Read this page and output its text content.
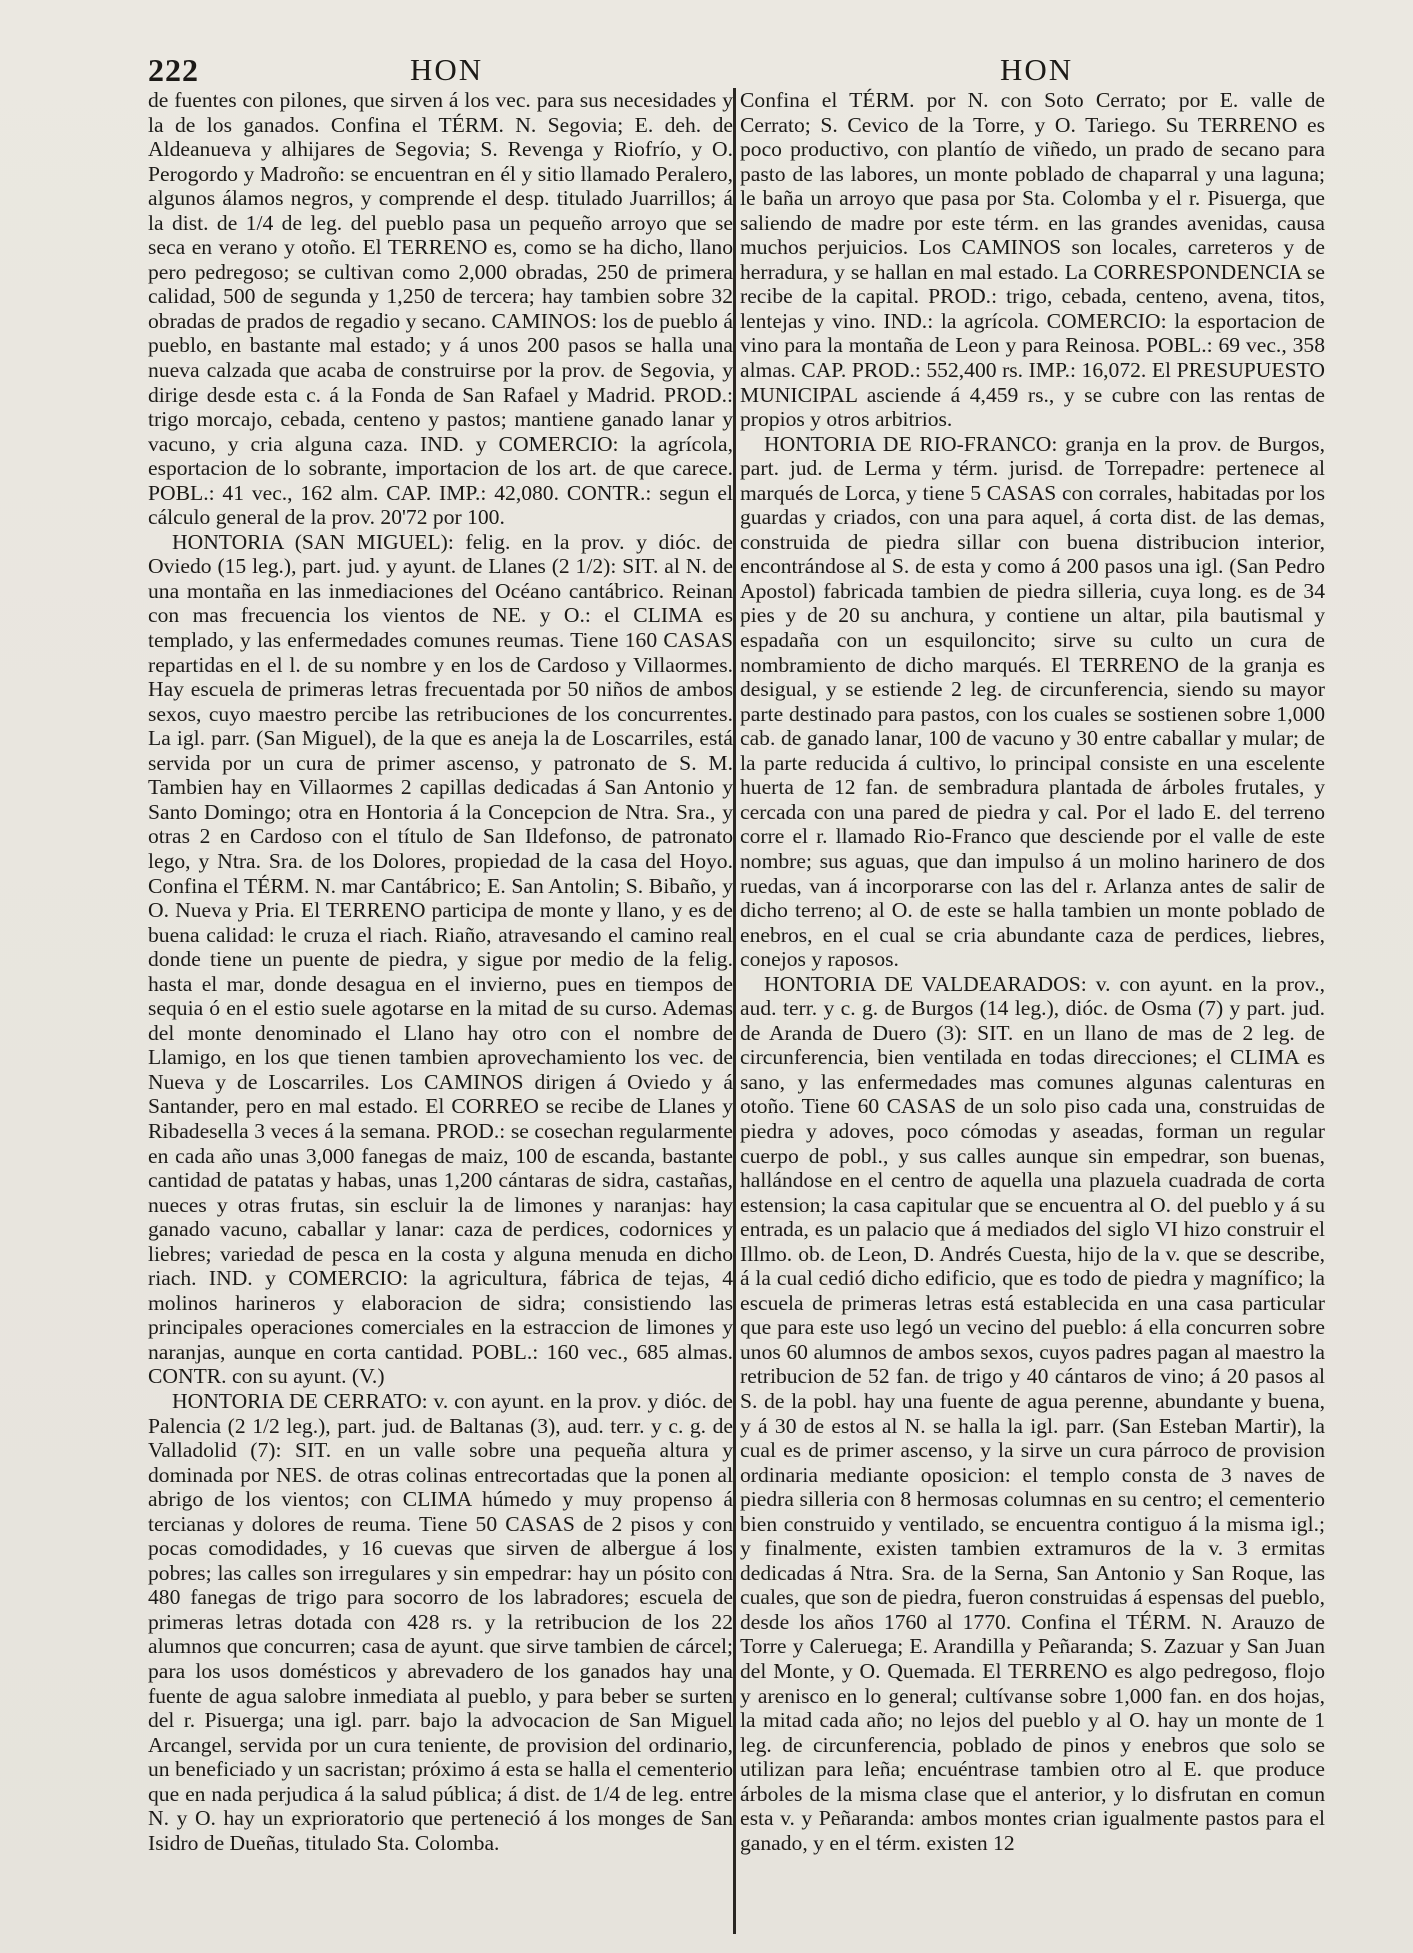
222	HON	HON

de fuentes con pilones, que sirven á los vec. para sus necesidades y la de los ganados. Confina el TÉRM. N. Segovia; E. deh. de Aldeanueva y alhijares de Segovia; S. Revenga y Riofrío, y O. Perogordo y Madroño: se encuentran en él y sitio llamado Peralero, algunos álamos negros, y comprende el desp. titulado Juarrillos; á la dist. de 1/4 de leg. del pueblo pasa un pequeño arroyo que se seca en verano y otoño. El TERRENO es, como se ha dicho, llano pero pedregoso; se cultivan como 2,000 obradas, 250 de primera calidad, 500 de segunda y 1,250 de tercera; hay tambien sobre 32 obradas de prados de regadio y secano. CAMINOS: los de pueblo á pueblo, en bastante mal estado; y á unos 200 pasos se halla una nueva calzada que acaba de construirse por la prov. de Segovia, y dirige desde esta c. á la Fonda de San Rafael y Madrid. PROD.: trigo morcajo, cebada, centeno y pastos; mantiene ganado lanar y vacuno, y cria alguna caza. IND. y COMERCIO: la agrícola, esportacion de lo sobrante, importacion de los art. de que carece. POBL.: 41 vec., 162 alm. CAP. IMP.: 42,080. CONTR.: segun el cálculo general de la prov. 20'72 por 100.

HONTORIA (SAN MIGUEL): felig. en la prov. y dióc. de Oviedo (15 leg.), part. jud. y ayunt. de Llanes (2 1/2): SIT. al N. de una montaña en las inmediaciones del Océano cantábrico. Reinan con mas frecuencia los vientos de NE. y O.: el CLIMA es templado, y las enfermedades comunes reumas. Tiene 160 CASAS repartidas en el l. de su nombre y en los de Cardoso y Villaormes. Hay escuela de primeras letras frecuentada por 50 niños de ambos sexos, cuyo maestro percibe las retribuciones de los concurrentes. La igl. parr. (San Miguel), de la que es aneja la de Loscarriles, está servida por un cura de primer ascenso, y patronato de S. M. Tambien hay en Villaormes 2 capillas dedicadas á San Antonio y Santo Domingo; otra en Hontoria á la Concepcion de Ntra. Sra., y otras 2 en Cardoso con el título de San Ildefonso, de patronato lego, y Ntra. Sra. de los Dolores, propiedad de la casa del Hoyo. Confina el TÉRM. N. mar Cantábrico; E. San Antolin; S. Bibaño, y O. Nueva y Pria. El TERRENO participa de monte y llano, y es de buena calidad: le cruza el riach. Riaño, atravesando el camino real donde tiene un puente de piedra, y sigue por medio de la felig. hasta el mar, donde desagua en el invierno, pues en tiempos de sequia ó en el estio suele agotarse en la mitad de su curso. Ademas del monte denominado el Llano hay otro con el nombre de Llamigo, en los que tienen tambien aprovechamiento los vec. de Nueva y de Loscarriles. Los CAMINOS dirigen á Oviedo y á Santander, pero en mal estado. El CORREO se recibe de Llanes y Ribadesella 3 veces á la semana. PROD.: se cosechan regularmente en cada año unas 3,000 fanegas de maiz, 100 de escanda, bastante cantidad de patatas y habas, unas 1,200 cántaras de sidra, castañas, nueces y otras frutas, sin escluir la de limones y naranjas: hay ganado vacuno, caballar y lanar: caza de perdices, codornices y liebres; variedad de pesca en la costa y alguna menuda en dicho riach. IND. y COMERCIO: la agricultura, fábrica de tejas, 4 molinos harineros y elaboracion de sidra; consistiendo las principales operaciones comerciales en la estraccion de limones y naranjas, aunque en corta cantidad. POBL.: 160 vec., 685 almas. CONTR. con su ayunt. (V.)

HONTORIA DE CERRATO: v. con ayunt. en la prov. y dióc. de Palencia (2 1/2 leg.), part. jud. de Baltanas (3), aud. terr. y c. g. de Valladolid (7): SIT. en un valle sobre una pequeña altura y dominada por NES. de otras colinas entrecortadas que la ponen al abrigo de los vientos; con CLIMA húmedo y muy propenso á tercianas y dolores de reuma. Tiene 50 CASAS de 2 pisos y con pocas comodidades, y 16 cuevas que sirven de albergue á los pobres; las calles son irregulares y sin empedrar: hay un pósito con 480 fanegas de trigo para socorro de los labradores; escuela de primeras letras dotada con 428 rs. y la retribucion de los 22 alumnos que concurren; casa de ayunt. que sirve tambien de cárcel; para los usos domésticos y abrevadero de los ganados hay una fuente de agua salobre inmediata al pueblo, y para beber se surten del r. Pisuerga; una igl. parr. bajo la advocacion de San Miguel Arcangel, servida por un cura teniente, de provision del ordinario, un beneficiado y un sacristan; próximo á esta se halla el cementerio que en nada perjudica á la salud pública; á dist. de 1/4 de leg. entre N. y O. hay un exprioratorio que perteneció á los monges de San Isidro de Dueñas, titulado Sta. Colomba.

Confina el TÉRM. por N. con Soto Cerrato; por E. valle de Cerrato; S. Cevico de la Torre, y O. Tariego. Su TERRENO es poco productivo, con plantío de viñedo, un prado de secano para pasto de las labores, un monte poblado de chaparral y una laguna; le baña un arroyo que pasa por Sta. Colomba y el r. Pisuerga, que saliendo de madre por este térm. en las grandes avenidas, causa muchos perjuicios. Los CAMINOS son locales, carreteros y de herradura, y se hallan en mal estado. La CORRESPONDENCIA se recibe de la capital. PROD.: trigo, cebada, centeno, avena, titos, lentejas y vino. IND.: la agrícola. COMERCIO: la esportacion de vino para la montaña de Leon y para Reinosa. POBL.: 69 vec., 358 almas. CAP. PROD.: 552,400 rs. IMP.: 16,072. El PRESUPUESTO MUNICIPAL asciende á 4,459 rs., y se cubre con las rentas de propios y otros arbitrios.

HONTORIA DE RIO-FRANCO: granja en la prov. de Burgos, part. jud. de Lerma y térm. jurisd. de Torrepadre: pertenece al marqués de Lorca, y tiene 5 CASAS con corrales, habitadas por los guardas y criados, con una para aquel, á corta dist. de las demas, construida de piedra sillar con buena distribucion interior, encontrándose al S. de esta y como á 200 pasos una igl. (San Pedro Apostol) fabricada tambien de piedra silleria, cuya long. es de 34 pies y de 20 su anchura, y contiene un altar, pila bautismal y espadaña con un esquiloncito; sirve su culto un cura de nombramiento de dicho marqués. El TERRENO de la granja es desigual, y se estiende 2 leg. de circunferencia, siendo su mayor parte destinado para pastos, con los cuales se sostienen sobre 1,000 cab. de ganado lanar, 100 de vacuno y 30 entre caballar y mular; de la parte reducida á cultivo, lo principal consiste en una escelente huerta de 12 fan. de sembradura plantada de árboles frutales, y cercada con una pared de piedra y cal. Por el lado E. del terreno corre el r. llamado Rio-Franco que desciende por el valle de este nombre; sus aguas, que dan impulso á un molino harinero de dos ruedas, van á incorporarse con las del r. Arlanza antes de salir de dicho terreno; al O. de este se halla tambien un monte poblado de enebros, en el cual se cria abundante caza de perdices, liebres, conejos y raposos.

HONTORIA DE VALDEARADOS: v. con ayunt. en la prov., aud. terr. y c. g. de Burgos (14 leg.), dióc. de Osma (7) y part. jud. de Aranda de Duero (3): SIT. en un llano de mas de 2 leg. de circunferencia, bien ventilada en todas direcciones; el CLIMA es sano, y las enfermedades mas comunes algunas calenturas en otoño. Tiene 60 CASAS de un solo piso cada una, construidas de piedra y adoves, poco cómodas y aseadas, forman un regular cuerpo de pobl., y sus calles aunque sin empedrar, son buenas, hallándose en el centro de aquella una plazuela cuadrada de corta estension; la casa capitular que se encuentra al O. del pueblo y á su entrada, es un palacio que á mediados del siglo VI hizo construir el Illmo. ob. de Leon, D. Andrés Cuesta, hijo de la v. que se describe, á la cual cedió dicho edificio, que es todo de piedra y magnífico; la escuela de primeras letras está establecida en una casa particular que para este uso legó un vecino del pueblo: á ella concurren sobre unos 60 alumnos de ambos sexos, cuyos padres pagan al maestro la retribucion de 52 fan. de trigo y 40 cántaros de vino; á 20 pasos al S. de la pobl. hay una fuente de agua perenne, abundante y buena, y á 30 de estos al N. se halla la igl. parr. (San Esteban Martir), la cual es de primer ascenso, y la sirve un cura párroco de provision ordinaria mediante oposicion: el templo consta de 3 naves de piedra silleria con 8 hermosas columnas en su centro; el cementerio bien construido y ventilado, se encuentra contiguo á la misma igl.; y finalmente, existen tambien extramuros de la v. 3 ermitas dedicadas á Ntra. Sra. de la Serna, San Antonio y San Roque, las cuales, que son de piedra, fueron construidas á espensas del pueblo, desde los años 1760 al 1770. Confina el TÉRM. N. Arauzo de Torre y Caleruega; E. Arandilla y Peñaranda; S. Zazuar y San Juan del Monte, y O. Quemada. El TERRENO es algo pedregoso, flojo y arenisco en lo general; cultívanse sobre 1,000 fan. en dos hojas, la mitad cada año; no lejos del pueblo y al O. hay un monte de 1 leg. de circunferencia, poblado de pinos y enebros que solo se utilizan para leña; encuéntrase tambien otro al E. que produce árboles de la misma clase que el anterior, y lo disfrutan en comun esta v. y Peñaranda: ambos montes crian igualmente pastos para el ganado, y en el térm. existen 12
